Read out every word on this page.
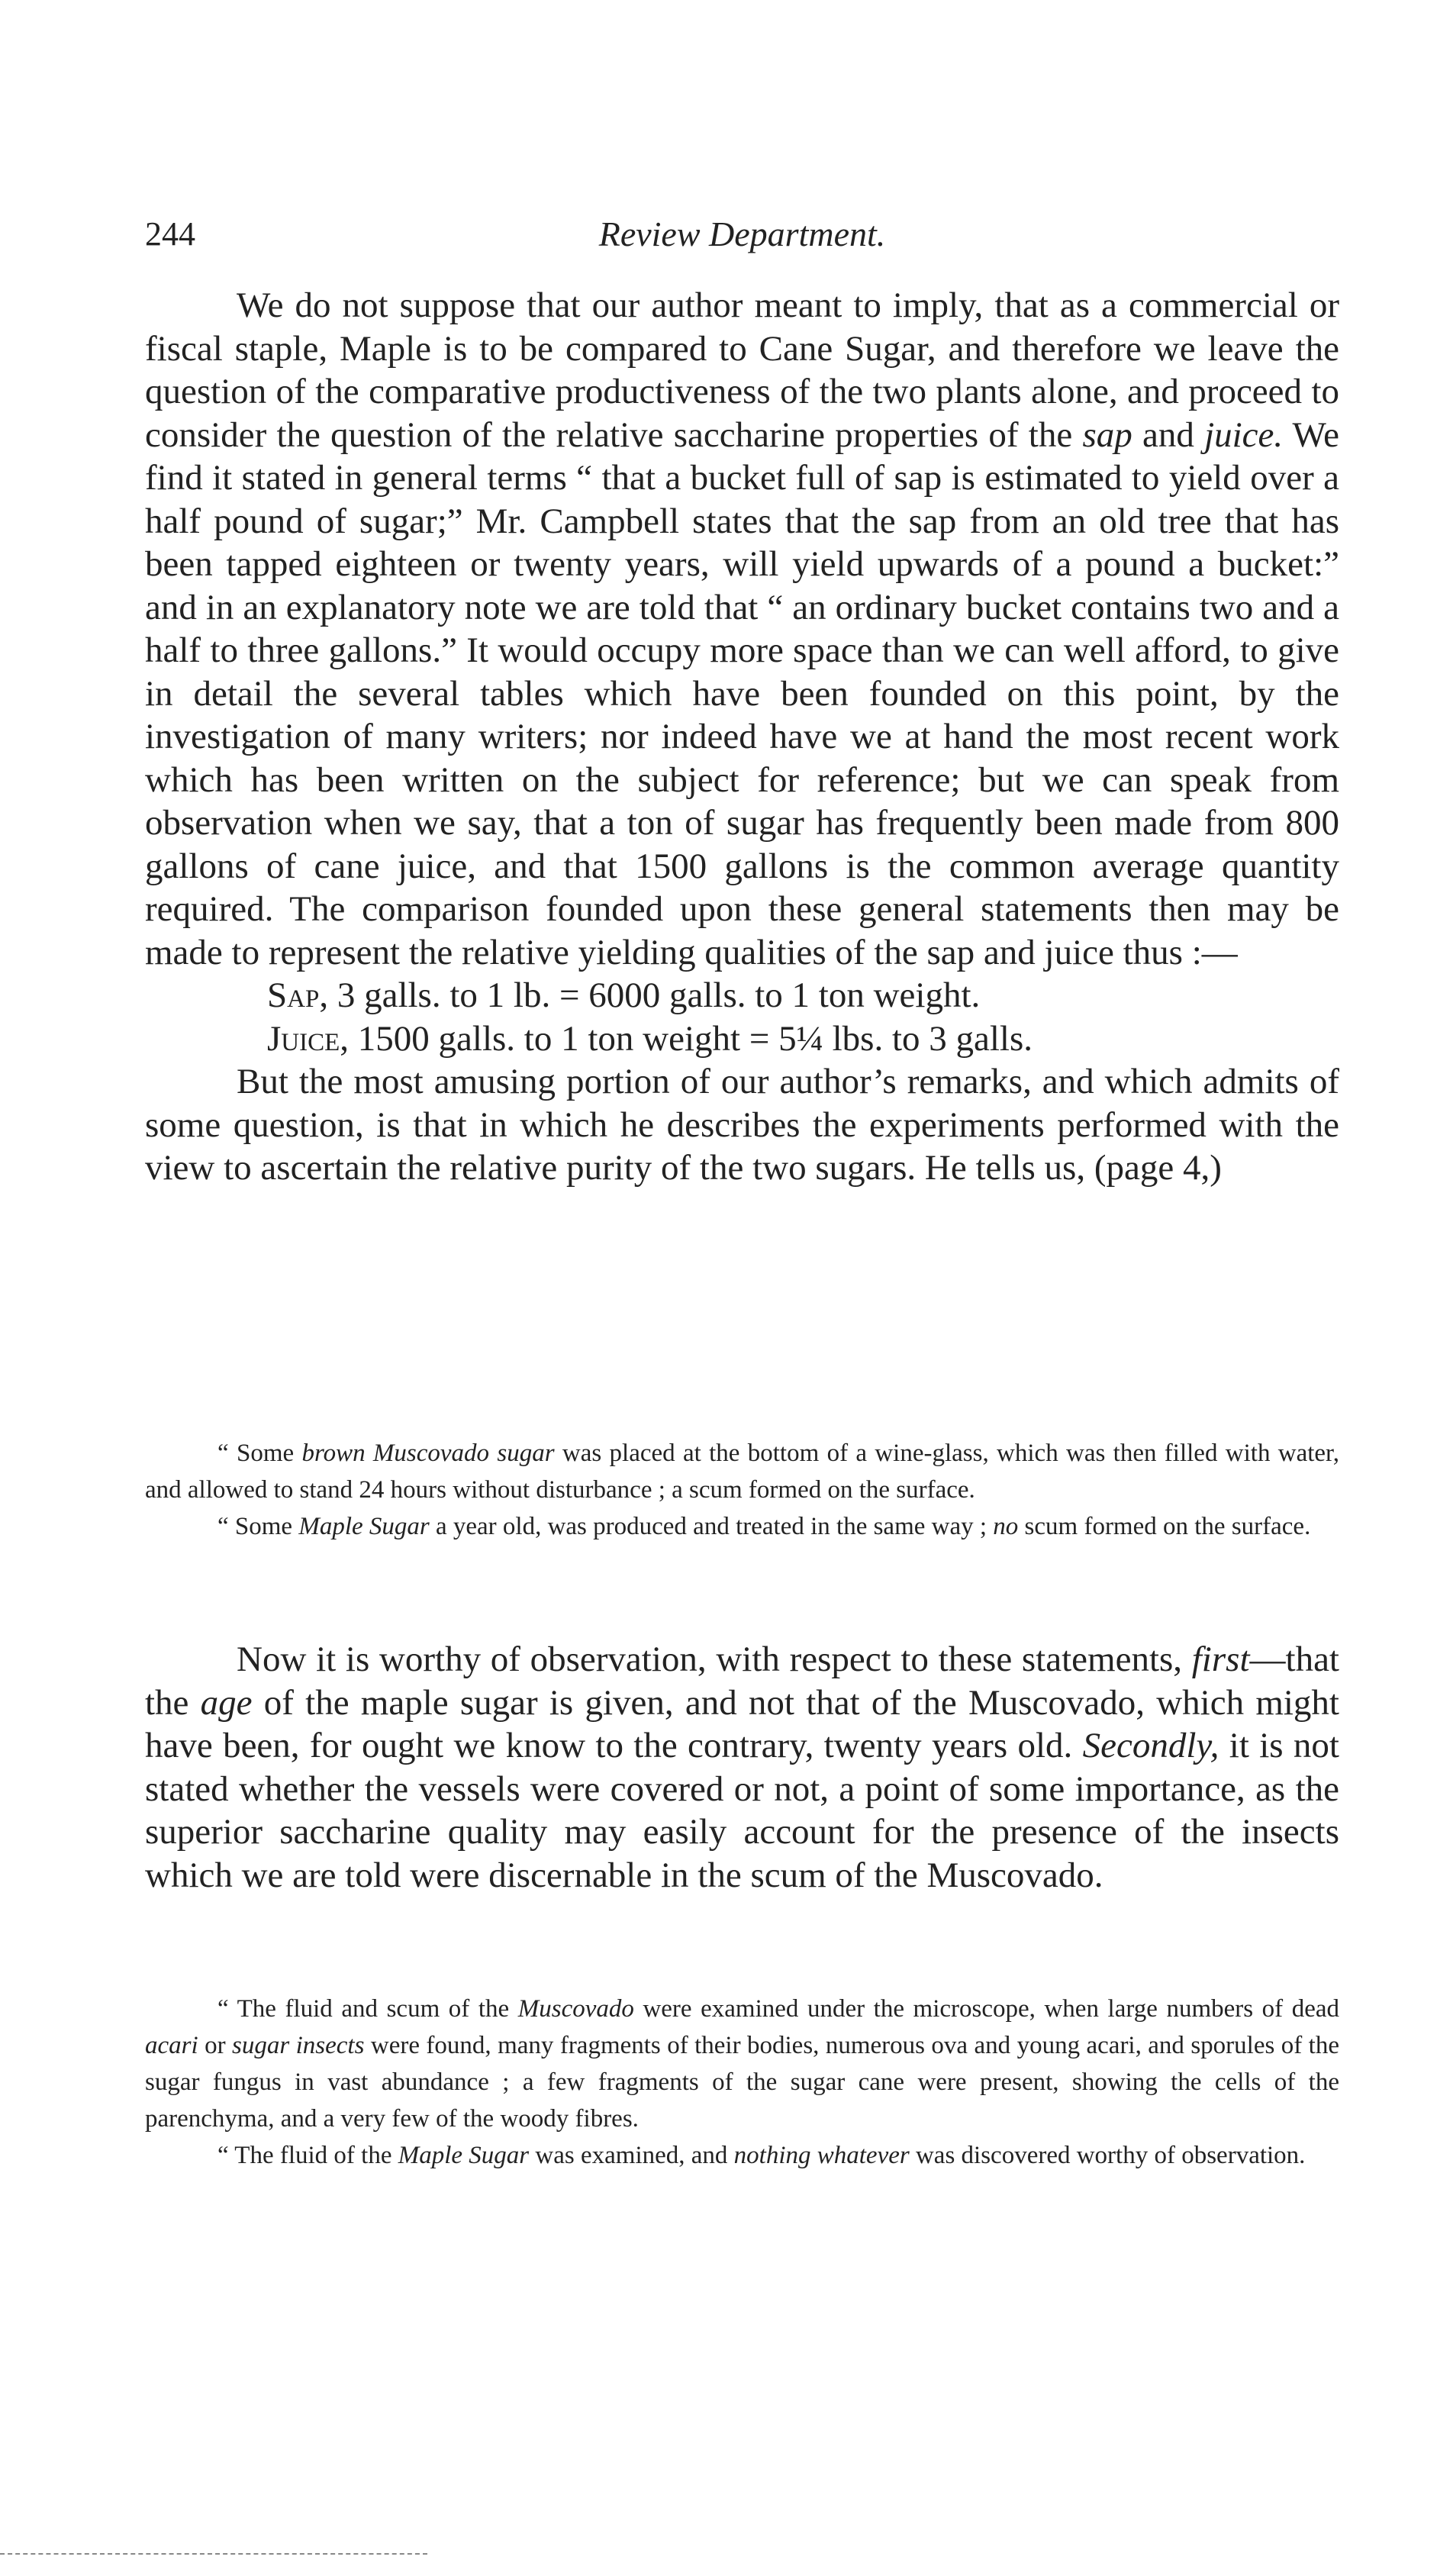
244	Review Department.

We do not suppose that our author meant to imply, that as a commercial or fiscal staple, Maple is to be compared to Cane Sugar, and therefore we leave the question of the comparative productiveness of the two plants alone, and proceed to consider the question of the relative saccharine properties of the sap and juice. We find it stated in general terms “ that a bucket full of sap is estimated to yield over a half pound of sugar;” Mr. Campbell states that the sap from an old tree that has been tapped eighteen or twenty years, will yield upwards of a pound a bucket:” and in an explanatory note we are told that “ an ordinary bucket contains two and a half to three gallons.” It would occupy more space than we can well afford, to give in detail the several tables which have been founded on this point, by the investigation of many writers; nor indeed have we at hand the most recent work which has been written on the subject for reference; but we can speak from observation when we say, that a ton of sugar has frequently been made from 800 gallons of cane juice, and that 1500 gallons is the common average quantity required. The comparison founded upon these general statements then may be made to represent the relative yielding qualities of the sap and juice thus :—

Sap, 3 galls. to 1 lb. = 6000 galls. to 1 ton weight.

Juice, 1500 galls. to 1 ton weight = 5¼ lbs. to 3 galls.

But the most amusing portion of our author’s remarks, and which admits of some question, is that in which he describes the experiments performed with the view to ascertain the relative purity of the two sugars. He tells us, (page 4,)

“ Some brown Muscovado sugar was placed at the bottom of a wine-glass, which was then filled with water, and allowed to stand 24 hours without disturbance ; a scum formed on the surface.

“ Some Maple Sugar a year old, was produced and treated in the same way ; no scum formed on the surface.

Now it is worthy of observation, with respect to these statements, first—that the age of the maple sugar is given, and not that of the Muscovado, which might have been, for ought we know to the contrary, twenty years old. Secondly, it is not stated whether the vessels were covered or not, a point of some importance, as the superior saccharine quality may easily account for the presence of the insects which we are told were discernable in the scum of the Muscovado.

“ The fluid and scum of the Muscovado were examined under the microscope, when large numbers of dead acari or sugar insects were found, many fragments of their bodies, numerous ova and young acari, and sporules of the sugar fungus in vast abundance ; a few fragments of the sugar cane were present, showing the cells of the parenchyma, and a very few of the woody fibres.

“ The fluid of the Maple Sugar was examined, and nothing whatever was discovered worthy of observation.
